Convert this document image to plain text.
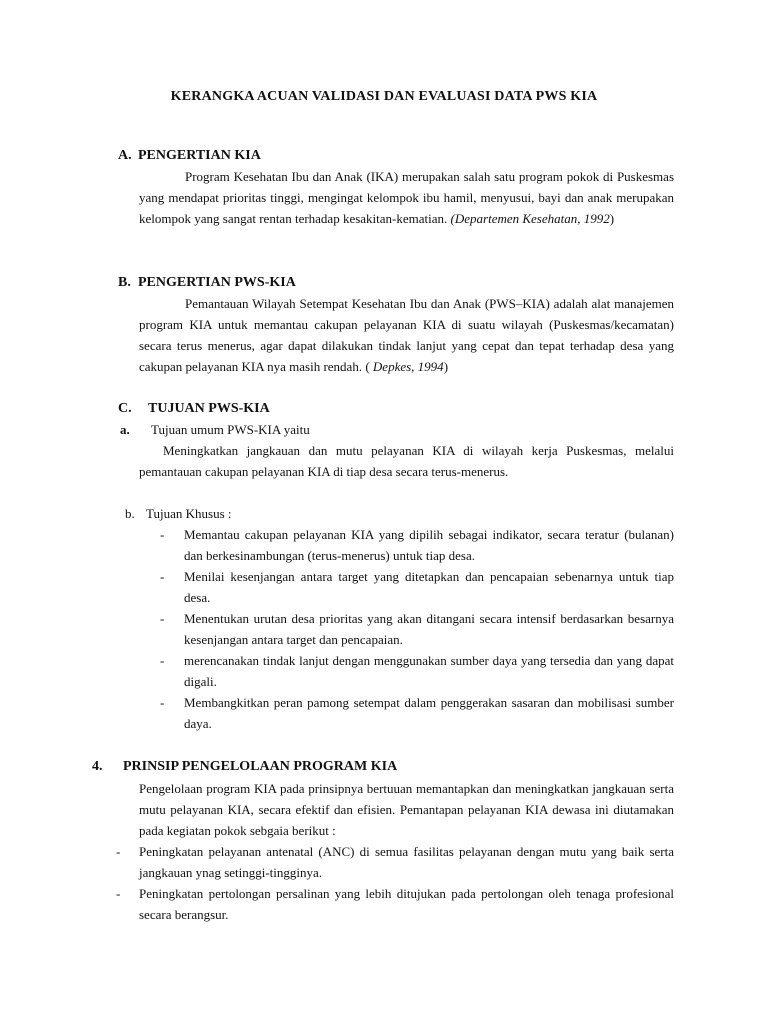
KERANGKA ACUAN VALIDASI DAN EVALUASI DATA PWS KIA
A. PENGERTIAN KIA
Program Kesehatan Ibu dan Anak (IKA) merupakan salah satu program pokok di Puskesmas yang mendapat prioritas tinggi, mengingat kelompok ibu hamil, menyusui, bayi dan anak merupakan kelompok yang sangat rentan terhadap kesakitan-kematian. (Departemen Kesehatan, 1992)
B. PENGERTIAN PWS-KIA
Pemantauan Wilayah Setempat Kesehatan Ibu dan Anak (PWS–KIA) adalah alat manajemen program KIA untuk memantau cakupan pelayanan KIA di suatu wilayah (Puskesmas/kecamatan) secara terus menerus, agar dapat dilakukan tindak lanjut yang cepat dan tepat terhadap desa yang cakupan pelayanan KIA nya masih rendah. ( Depkes, 1994)
C. TUJUAN PWS-KIA
a. Tujuan umum PWS-KIA yaitu
Meningkatkan jangkauan dan mutu pelayanan KIA di wilayah kerja Puskesmas, melalui pemantauan cakupan pelayanan KIA di tiap desa secara terus-menerus.
b. Tujuan Khusus :
- Memantau cakupan pelayanan KIA yang dipilih sebagai indikator, secara teratur (bulanan) dan berkesinambungan (terus-menerus) untuk tiap desa.
- Menilai kesenjangan antara target yang ditetapkan dan pencapaian sebenarnya untuk tiap desa.
- Menentukan urutan desa prioritas yang akan ditangani secara intensif berdasarkan besarnya kesenjangan antara target dan pencapaian.
- merencanakan tindak lanjut dengan menggunakan sumber daya yang tersedia dan yang dapat digali.
- Membangkitkan peran pamong setempat dalam penggerakan sasaran dan mobilisasi sumber daya.
4. PRINSIP PENGELOLAAN PROGRAM KIA
Pengelolaan program KIA pada prinsipnya bertuuan memantapkan dan meningkatkan jangkauan serta mutu pelayanan KIA, secara efektif dan efisien. Pemantapan pelayanan KIA dewasa ini diutamakan pada kegiatan pokok sebgaia berikut :
- Peningkatan pelayanan antenatal (ANC) di semua fasilitas pelayanan dengan mutu yang baik serta jangkauan ynag setinggi-tingginya.
- Peningkatan pertolongan persalinan yang lebih ditujukan pada pertolongan oleh tenaga profesional secara berangsur.
